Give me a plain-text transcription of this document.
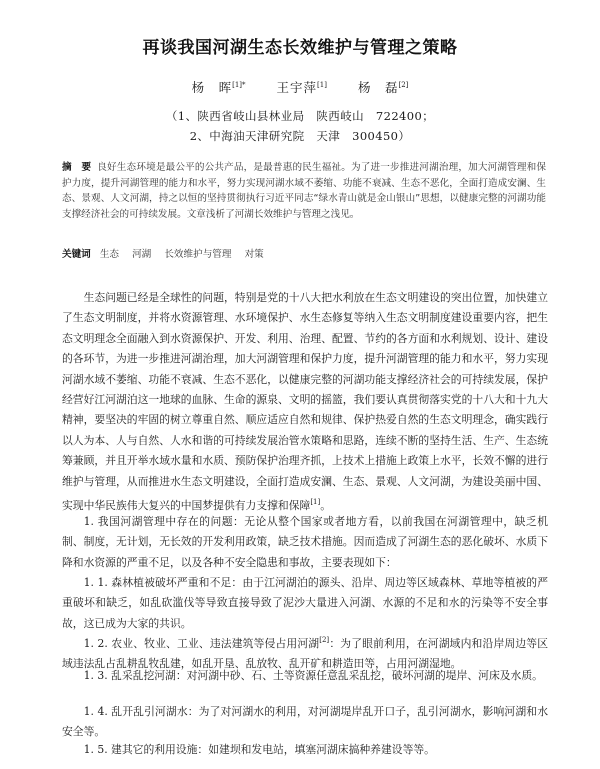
再谈我国河湖生态长效维护与管理之策略
杨　晖$^{[1]*}$ 王宇萍[1] 杨　磊[2]
（1、陕西省岐山县林业局　陕西岐山　722400；
2、中海油天津研究院　天津　300450）
摘　要 良好生态环境是最公平的公共产品，是最普惠的民生福祉。为了进一步推进河湖治理，加大河湖管理和保护力度，提升河湖管理的能力和水平，努力实现河湖水域不萎缩、功能不衰减、生态不恶化，全面打造成安澜、生态、景观、人文河湖，持之以恒的坚持贯彻执行习近平同志“绿水青山就是金山银山”思想，以健康完整的河湖功能支撑经济社会的可持续发展。文章浅析了河湖长效维护与管理之浅见。
关键词 生态 河湖 长效维护与管理 对策

生态问题已经是全球性的问题，特别是党的十八大把水利放在生态文明建设的突出位置，加快建立了生态文明制度，并将水资源管理、水环境保护、水生态修复等纳入生态文明制度建设重要内容，把生态文明理念全面融入到水资源保护、开发、利用、治理、配置、节约的各方面和水利规划、设计、建设的各环节，为进一步推进河湖治理，加大河湖管理和保护力度，提升河湖管理的能力和水平，努力实现河湖水域不萎缩、功能不衰减、生态不恶化，以健康完整的河湖功能支撑经济社会的可持续发展，保护经营好江河湖泊这一地球的血脉、生命的源泉、文明的摇篮，我们要认真贯彻落实党的十八大和十九大精神，要坚决的牢固的树立尊重自然、顺应适应自然和规律、保护热爱自然的生态文明理念，确实践行以人为本、人与自然、人水和谐的可持续发展治管水策略和思路，连续不断的坚持生活、生产、生态统筹兼顾，并且开举水域水量和水质、预防保护治理齐抓，上技术上措施上政策上水平，长效不懈的进行维护与管理，从而推进水生态文明建设，全面打造成安澜、生态、景观、人文河湖，为建设美丽中国、实现中华民族伟大复兴的中国梦提供有力支撑和保障[1]。

1. 我国河湖管理中存在的问题：无论从整个国家或者地方看，以前我国在河湖管理中，缺乏机制、制度，无计划，无长效的开发利用政策，缺乏技术措施。因而造成了河湖生态的恶化破坏、水质下降和水资源的严重不足，以及各种不安全隐患和事故，主要表现如下：

1. 1. 森林植被破坏严重和不足：由于江河湖泊的源头、沿岸、周边等区域森林、草地等植被的严重破坏和缺乏，如乱砍滥伐等导致直接导致了泥沙大量进入河湖、水源的不足和水的污染等不安全事故，这已成为大家的共识。

1. 2. 农业、牧业、工业、违法建筑等侵占用河湖[2]：为了眼前利用，在河湖域内和沿岸周边等区域违法乱占乱耕乱牧乱建，如乱开垦、乱放牧、乱开矿和耕造田等，占用河湖湿地。

1. 3. 乱采乱挖河湖：对河湖中砂、石、土等资源任意乱采乱挖，破坏河湖的堤岸、河床及水质。

1. 4. 乱开乱引河湖水：为了对河湖水的利用，对河湖堤岸乱开口子，乱引河湖水，影响河湖和水安全等。

1. 5. 建其它的利用设施：如建坝和发电站，填塞河湖床搞种养建设等等。
